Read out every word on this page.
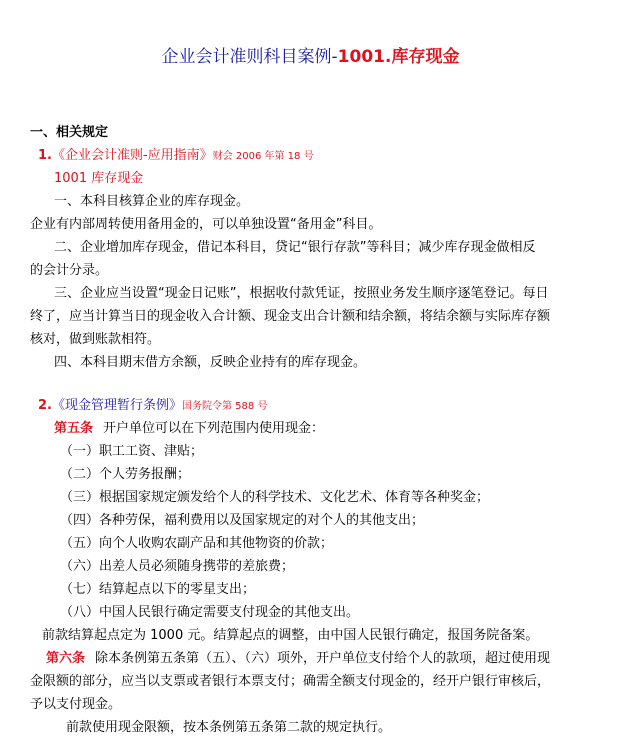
企业会计准则科目案例-1001.库存现金
一、相关规定
1.《企业会计准则-应用指南》财会 2006 年第 18 号
1001 库存现金
一、本科目核算企业的库存现金。
企业有内部周转使用备用金的，可以单独设置“备用金”科目。
二、企业增加库存现金，借记本科目，贷记“银行存款”等科目；减少库存现金做相反
的会计分录。
三、企业应当设置“现金日记账”，根据收付款凭证，按照业务发生顺序逐笔登记。每日
终了，应当计算当日的现金收入合计额、现金支出合计额和结余额，将结余额与实际库存额
核对，做到账款相符。
四、本科目期末借方余额，反映企业持有的库存现金。
2.《现金管理暂行条例》国务院令第 588 号
第五条 开户单位可以在下列范围内使用现金：
（一）职工工资、津贴；
（二）个人劳务报酬；
（三）根据国家规定颁发给个人的科学技术、文化艺术、体育等各种奖金；
（四）各种劳保，福利费用以及国家规定的对个人的其他支出；
（五）向个人收购农副产品和其他物资的价款；
（六）出差人员必须随身携带的差旅费；
（七）结算起点以下的零星支出；
（八）中国人民银行确定需要支付现金的其他支出。
前款结算起点定为 1000 元。结算起点的调整，由中国人民银行确定，报国务院备案。
第六条 除本条例第五条第（五）、（六）项外，开户单位支付给个人的款项，超过使用现
金限额的部分，应当以支票或者银行本票支付；确需全额支付现金的，经开户银行审核后，
予以支付现金。
前款使用现金限额，按本条例第五条第二款的规定执行。
